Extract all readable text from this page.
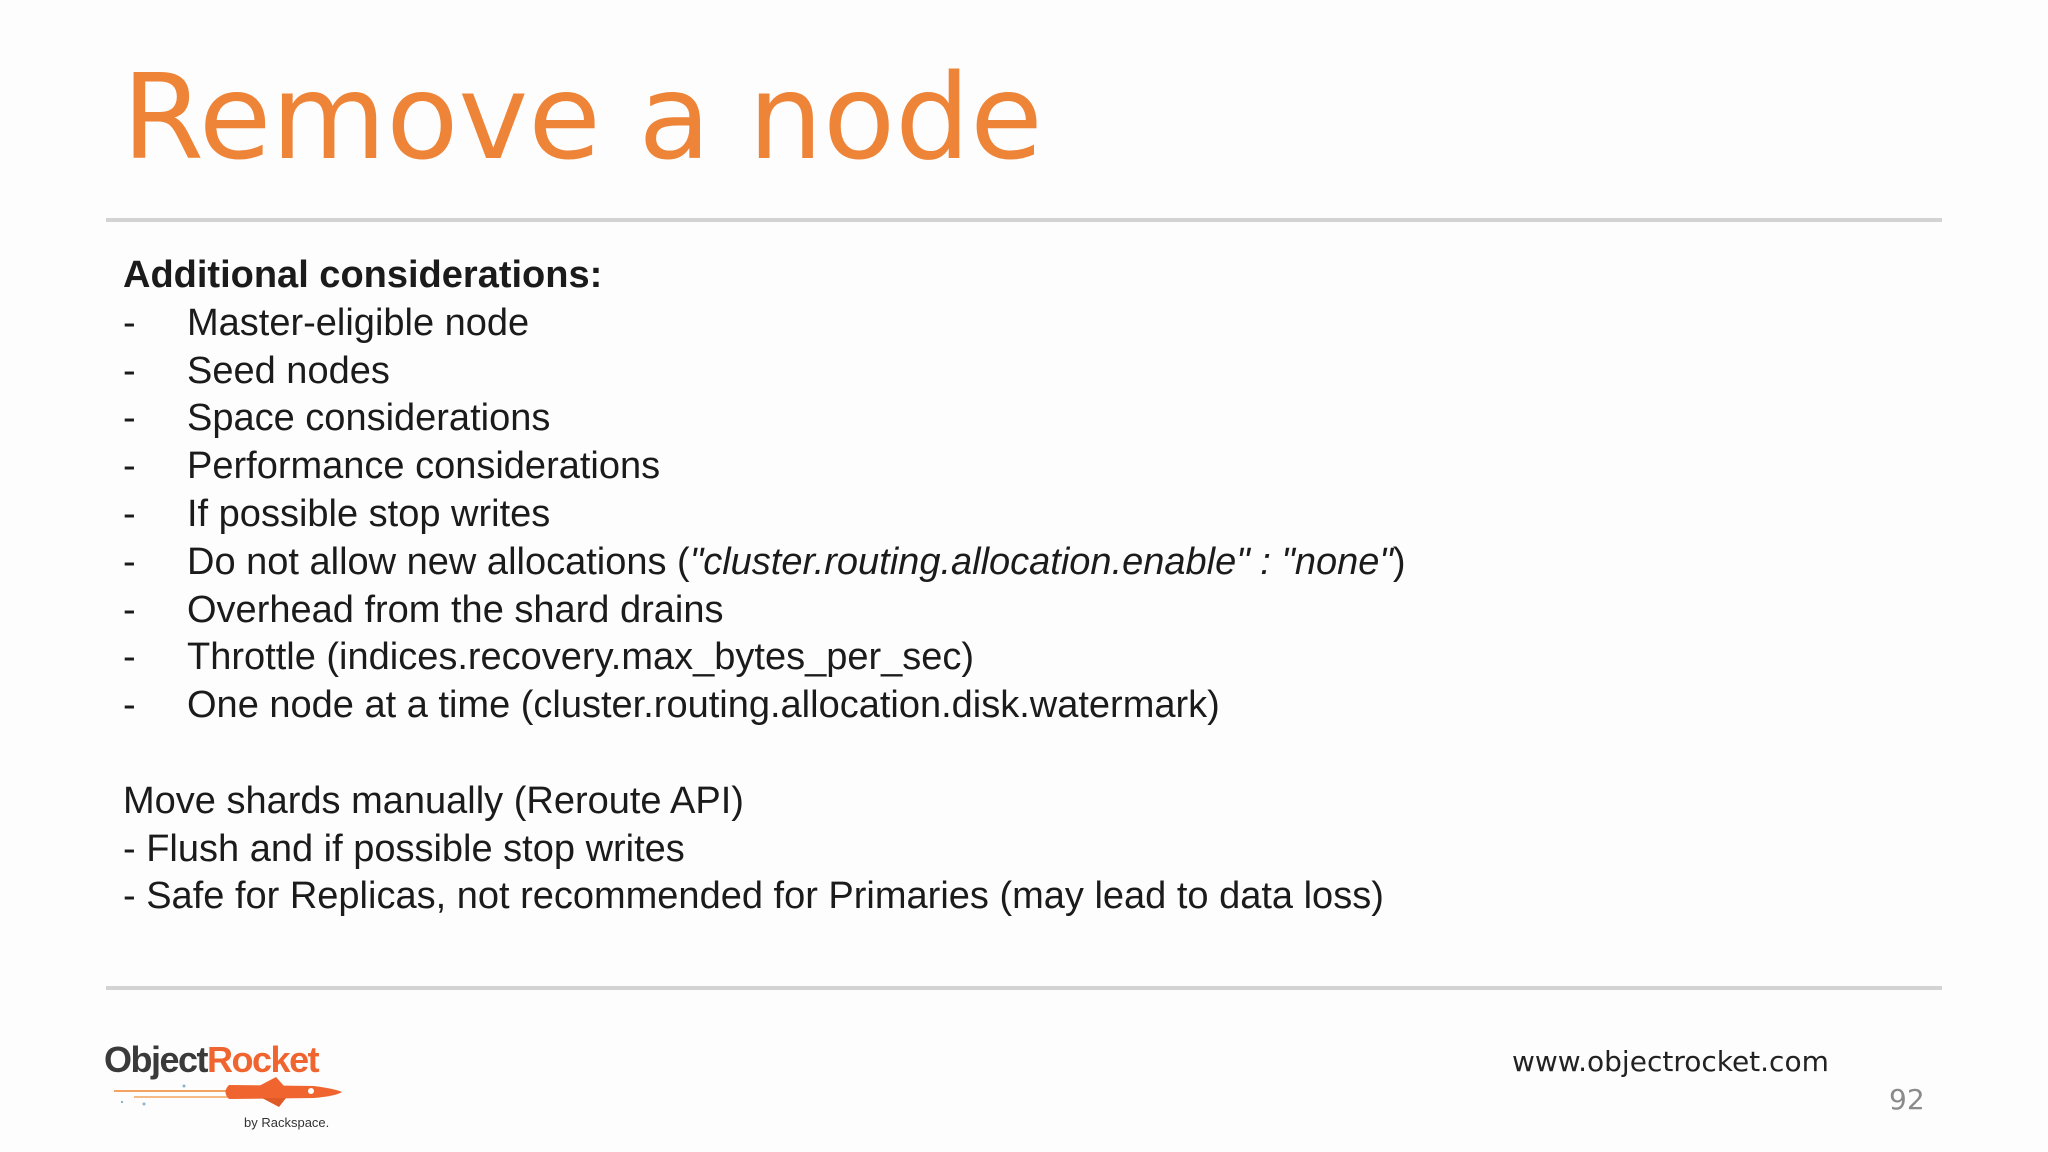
Remove a node
Additional considerations:
-	Master-eligible node
-	Seed nodes
-	Space considerations
-	Performance considerations
-	If possible stop writes
-	Do not allow new allocations ("cluster.routing.allocation.enable" : "none")
-	Overhead from the shard drains
-	Throttle (indices.recovery.max_bytes_per_sec)
-	One node at a time (cluster.routing.allocation.disk.watermark)
Move shards manually (Reroute API)
- Flush and if possible stop writes
- Safe for Replicas, not recommended for Primaries (may lead to data loss)
ObjectRocket
by Rackspace.
www.objectrocket.com
92
